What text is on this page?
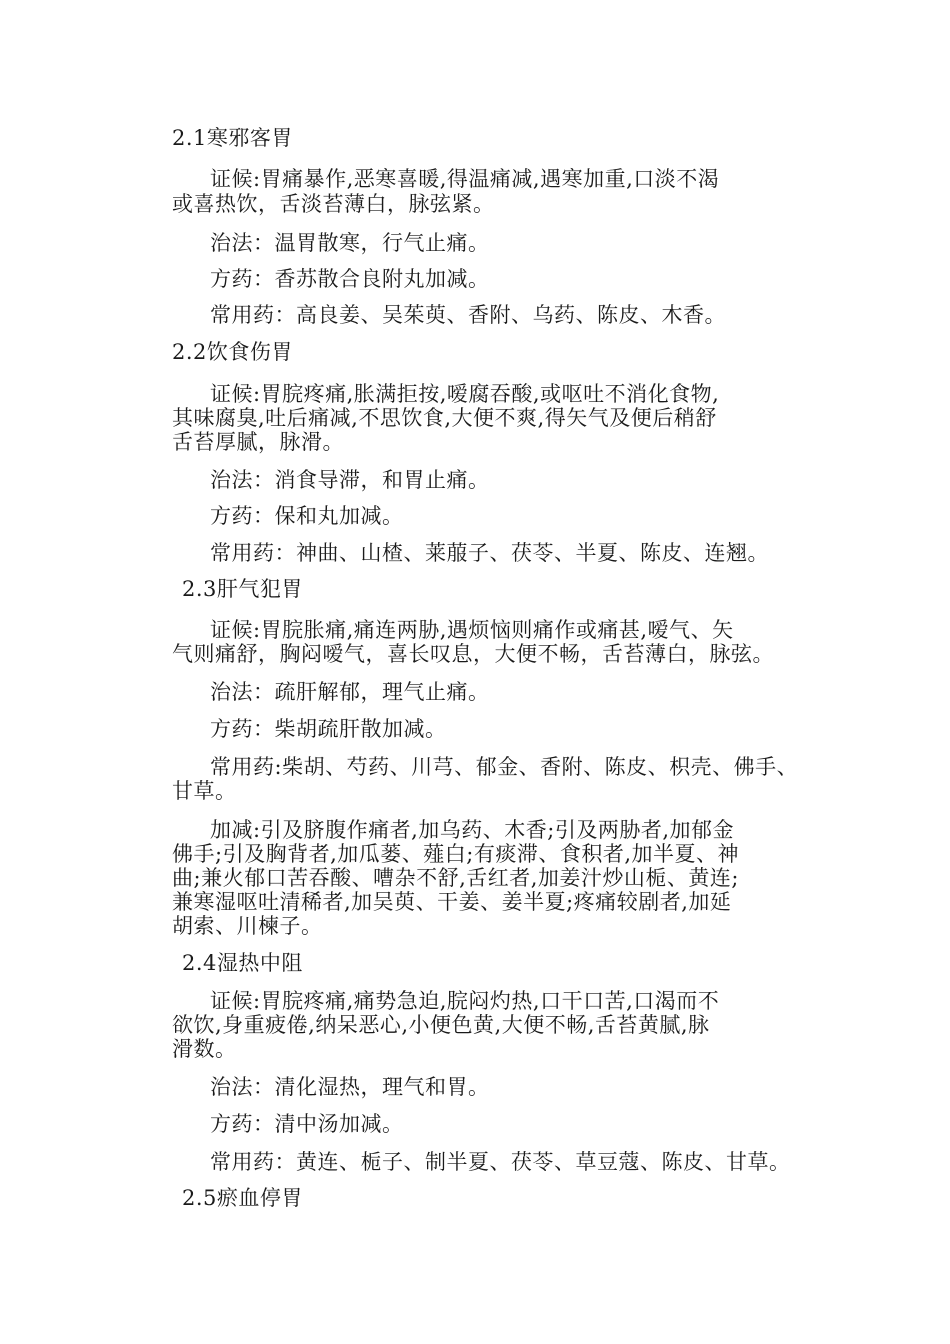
2.1寒邪客胃
证候:胃痛暴作,恶寒喜暖,得温痛减,遇寒加重,口淡不渴
或喜热饮，舌淡苔薄白，脉弦紧。
治法：温胃散寒，行气止痛。
方药：香苏散合良附丸加减。
常用药：高良姜、吴茱萸、香附、乌药、陈皮、木香。
2.2饮食伤胃
证候:胃脘疼痛,胀满拒按,嗳腐吞酸,或呕吐不消化食物,
其味腐臭,吐后痛减,不思饮食,大便不爽,得矢气及便后稍舒
舌苔厚腻，脉滑。
治法：消食导滞，和胃止痛。
方药：保和丸加减。
常用药：神曲、山楂、莱菔子、茯苓、半夏、陈皮、连翘。
2.3肝气犯胃
证候:胃脘胀痛,痛连两胁,遇烦恼则痛作或痛甚,嗳气、矢
气则痛舒，胸闷嗳气，喜长叹息，大便不畅，舌苔薄白，脉弦。
治法：疏肝解郁，理气止痛。
方药：柴胡疏肝散加减。
常用药:柴胡、芍药、川芎、郁金、香附、陈皮、枳壳、佛手、
甘草。
加减:引及脐腹作痛者,加乌药、木香;引及两胁者,加郁金
佛手;引及胸背者,加瓜蒌、薤白;有痰滞、食积者,加半夏、神
曲;兼火郁口苦吞酸、嘈杂不舒,舌红者,加姜汁炒山栀、黄连;
兼寒湿呕吐清稀者,加吴萸、干姜、姜半夏;疼痛较剧者,加延
胡索、川楝子。
2.4湿热中阻
证候:胃脘疼痛,痛势急迫,脘闷灼热,口干口苦,口渴而不
欲饮,身重疲倦,纳呆恶心,小便色黄,大便不畅,舌苔黄腻,脉
滑数。
治法：清化湿热，理气和胃。
方药：清中汤加减。
常用药：黄连、栀子、制半夏、茯苓、草豆蔻、陈皮、甘草。
2.5瘀血停胃
